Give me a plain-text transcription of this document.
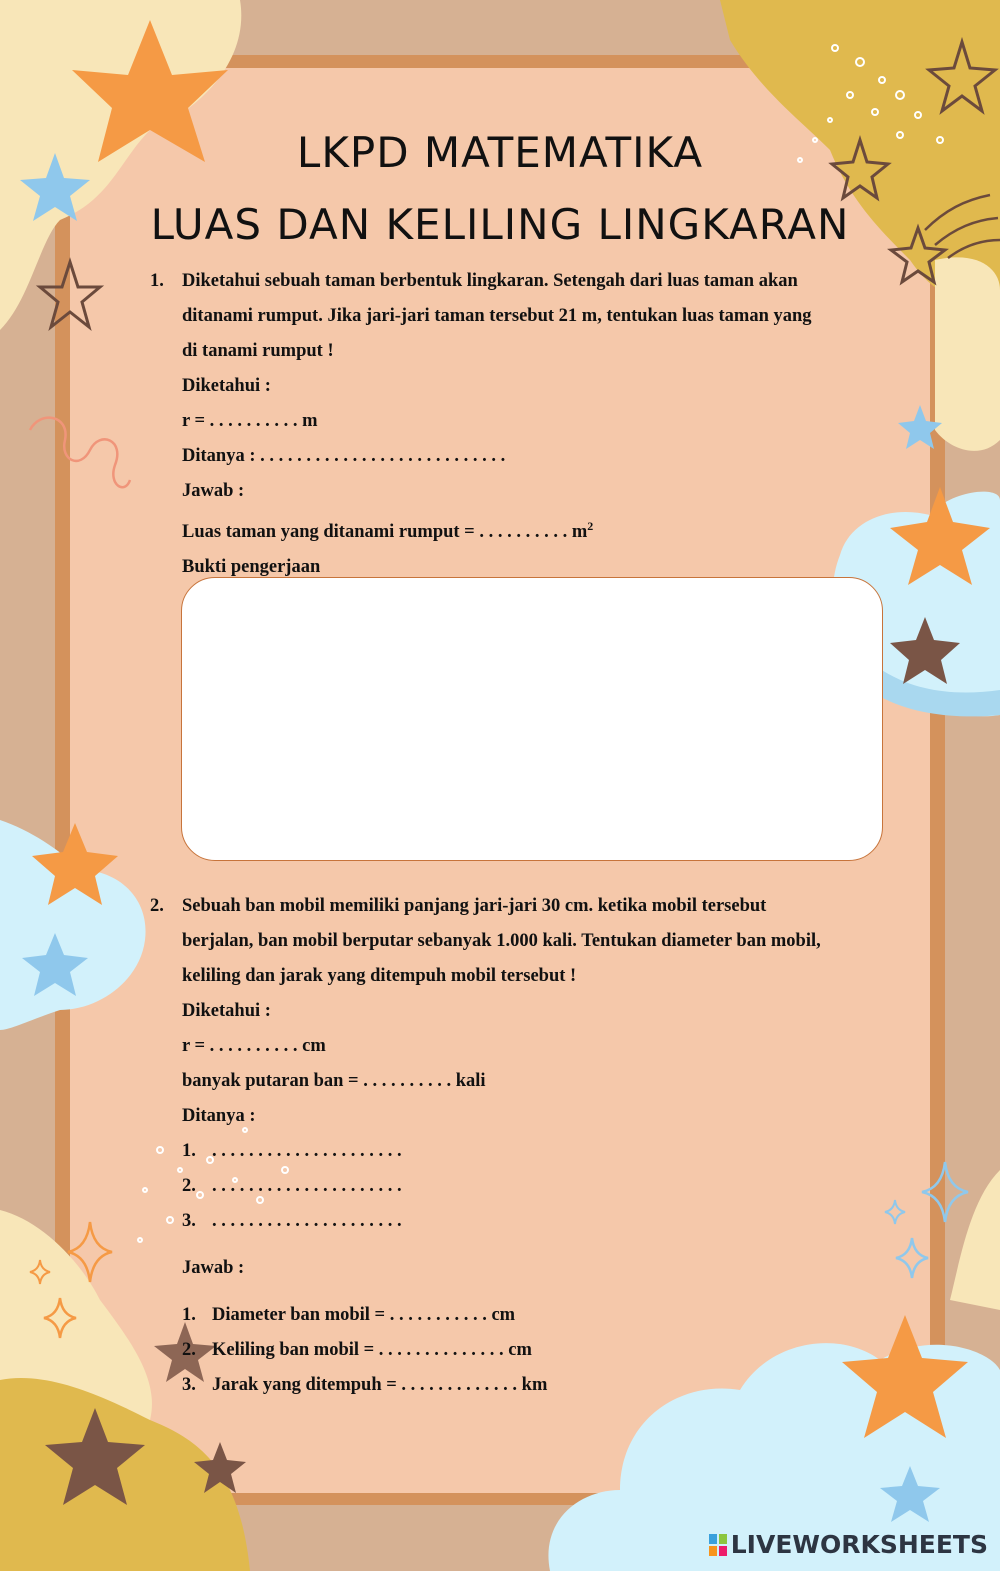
LKPD MATEMATIKA
LUAS DAN KELILING LINGKARAN
1. Diketahui sebuah taman berbentuk lingkaran. Setengah dari luas taman akan
ditanami rumput. Jika jari-jari taman tersebut 21 m, tentukan luas taman yang
di tanami rumput !
Diketahui :
r = . . . . . . . . . . m
Ditanya : . . . . . . . . . . . . . . . . . . . . . . . . . . .
Jawab :
Luas taman yang ditanami rumput = . . . . . . . . . . $m^2$
Bukti pengerjaan
2. Sebuah ban mobil memiliki panjang jari-jari 30 cm. ketika mobil tersebut
berjalan, ban mobil berputar sebanyak 1.000 kali. Tentukan diameter ban mobil,
keliling dan jarak yang ditempuh mobil tersebut !
Diketahui :
r = . . . . . . . . . . cm
banyak putaran ban = . . . . . . . . . . kali
Ditanya :
1. . . . . . . . . . . . . . . . . . . . . .
2. . . . . . . . . . . . . . . . . . . . . .
3. . . . . . . . . . . . . . . . . . . . . .
Jawab :
1. Diameter ban mobil = . . . . . . . . . . . cm
2. Keliling ban mobil = . . . . . . . . . . . . . . cm
3. Jarak yang ditempuh = . . . . . . . . . . . . . km
LIVEWORKSHEETS
